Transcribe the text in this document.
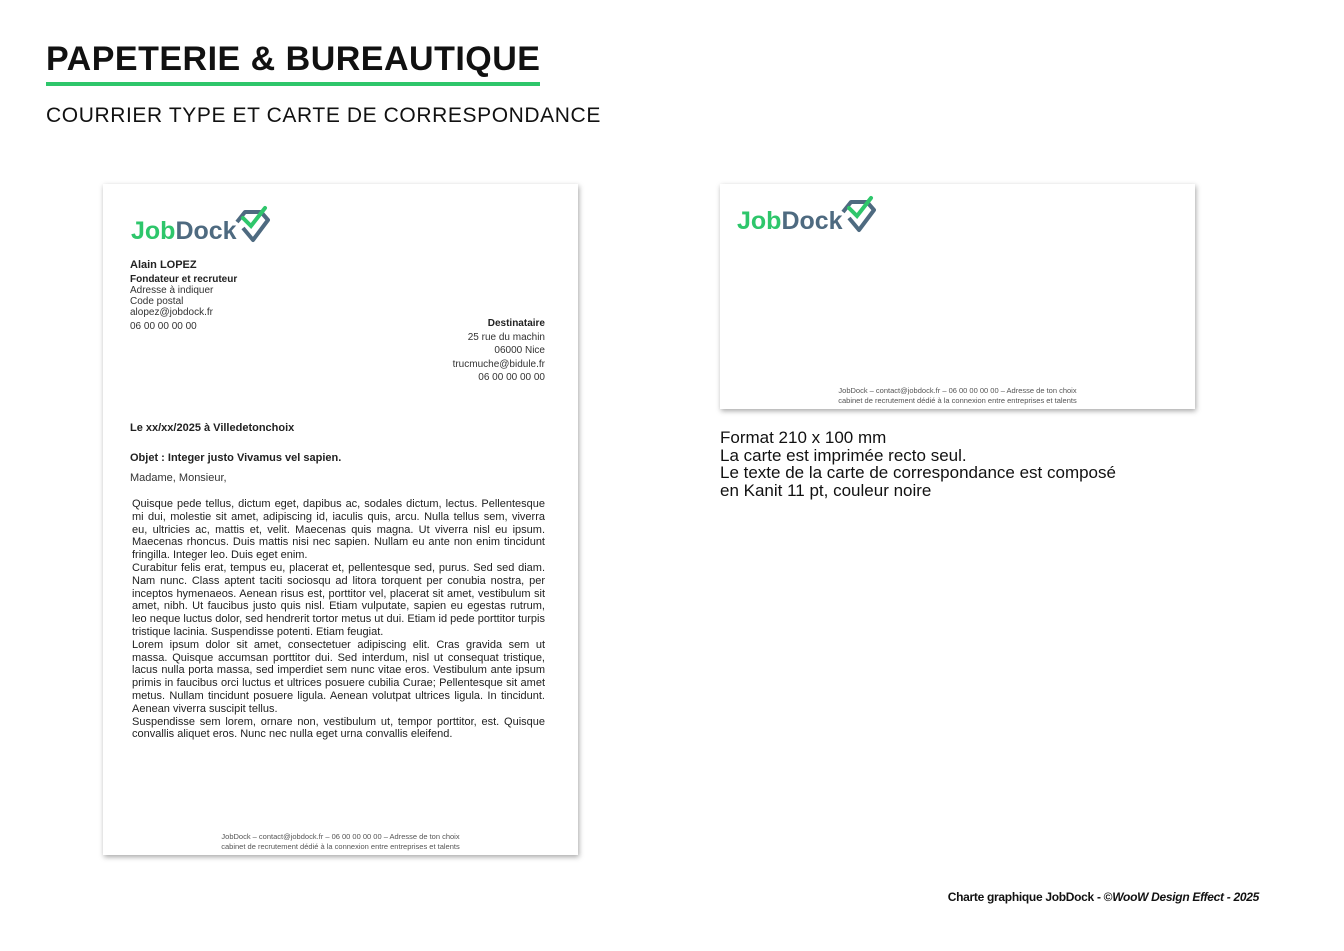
PAPETERIE & BUREAUTIQUE
COURRIER TYPE ET CARTE DE CORRESPONDANCE
Job Dock
Alain LOPEZ
Fondateur et recruteur
Adresse à indiquer
Code postal
alopez@jobdock.fr
06 00 00 00 00	Destinataire
25 rue du machin
06000 Nice
trucmuche@bidule.fr
06 00 00 00 00
Le xx/xx/2025 à Villedetonchoix
Objet : Integer justo Vivamus vel sapien.
Madame, Monsieur,

Quisque pede tellus, dictum eget, dapibus ac, sodales dictum, lectus. Pellentesque mi dui, molestie sit amet, adipiscing id, iaculis quis, arcu. Nulla tellus sem, viverra eu, ultricies ac, mattis et, velit. Maecenas quis magna. Ut viverra nisl eu ipsum. Maecenas rhoncus. Duis mattis nisi nec sapien. Nullam eu ante non enim tincidunt fringilla. Integer leo. Duis eget enim.

Curabitur felis erat, tempus eu, placerat et, pellentesque sed, purus. Sed sed diam. Nam nunc. Class aptent taciti sociosqu ad litora torquent per conubia nostra, per inceptos hymenaeos. Aenean risus est, porttitor vel, placerat sit amet, vestibulum sit amet, nibh. Ut faucibus justo quis nisl. Etiam vulputate, sapien eu egestas rutrum, leo neque luctus dolor, sed hendrerit tortor metus ut dui. Etiam id pede porttitor turpis tristique lacinia. Suspendisse potenti. Etiam feugiat.

Lorem ipsum dolor sit amet, consectetuer adipiscing elit. Cras gravida sem ut massa. Quisque accumsan porttitor dui. Sed interdum, nisl ut consequat tristique, lacus nulla porta massa, sed imperdiet sem nunc vitae eros. Vestibulum ante ipsum primis in faucibus orci luctus et ultrices posuere cubilia Curae; Pellentesque sit amet metus. Nullam tincidunt posuere ligula. Aenean volutpat ultrices ligula. In tincidunt. Aenean viverra suscipit tellus.

Suspendisse sem lorem, ornare non, vestibulum ut, tempor porttitor, est. Quisque convallis aliquet eros. Nunc nec nulla eget urna convallis eleifend.

JobDock – contact@jobdock.fr – 06 00 00 00 00 – Adresse de ton choix
cabinet de recrutement dédié à la connexion entre entreprises et talents
Job Dock
JobDock – contact@jobdock.fr – 06 00 00 00 00 – Adresse de ton choix
cabinet de recrutement dédié à la connexion entre entreprises et talents
Format 210 x 100 mm
La carte est imprimée recto seul.
Le texte de la carte de correspondance est composé
en Kanit 11 pt, couleur noire
Charte graphique JobDock - ©WooW Design Effect - 2025
